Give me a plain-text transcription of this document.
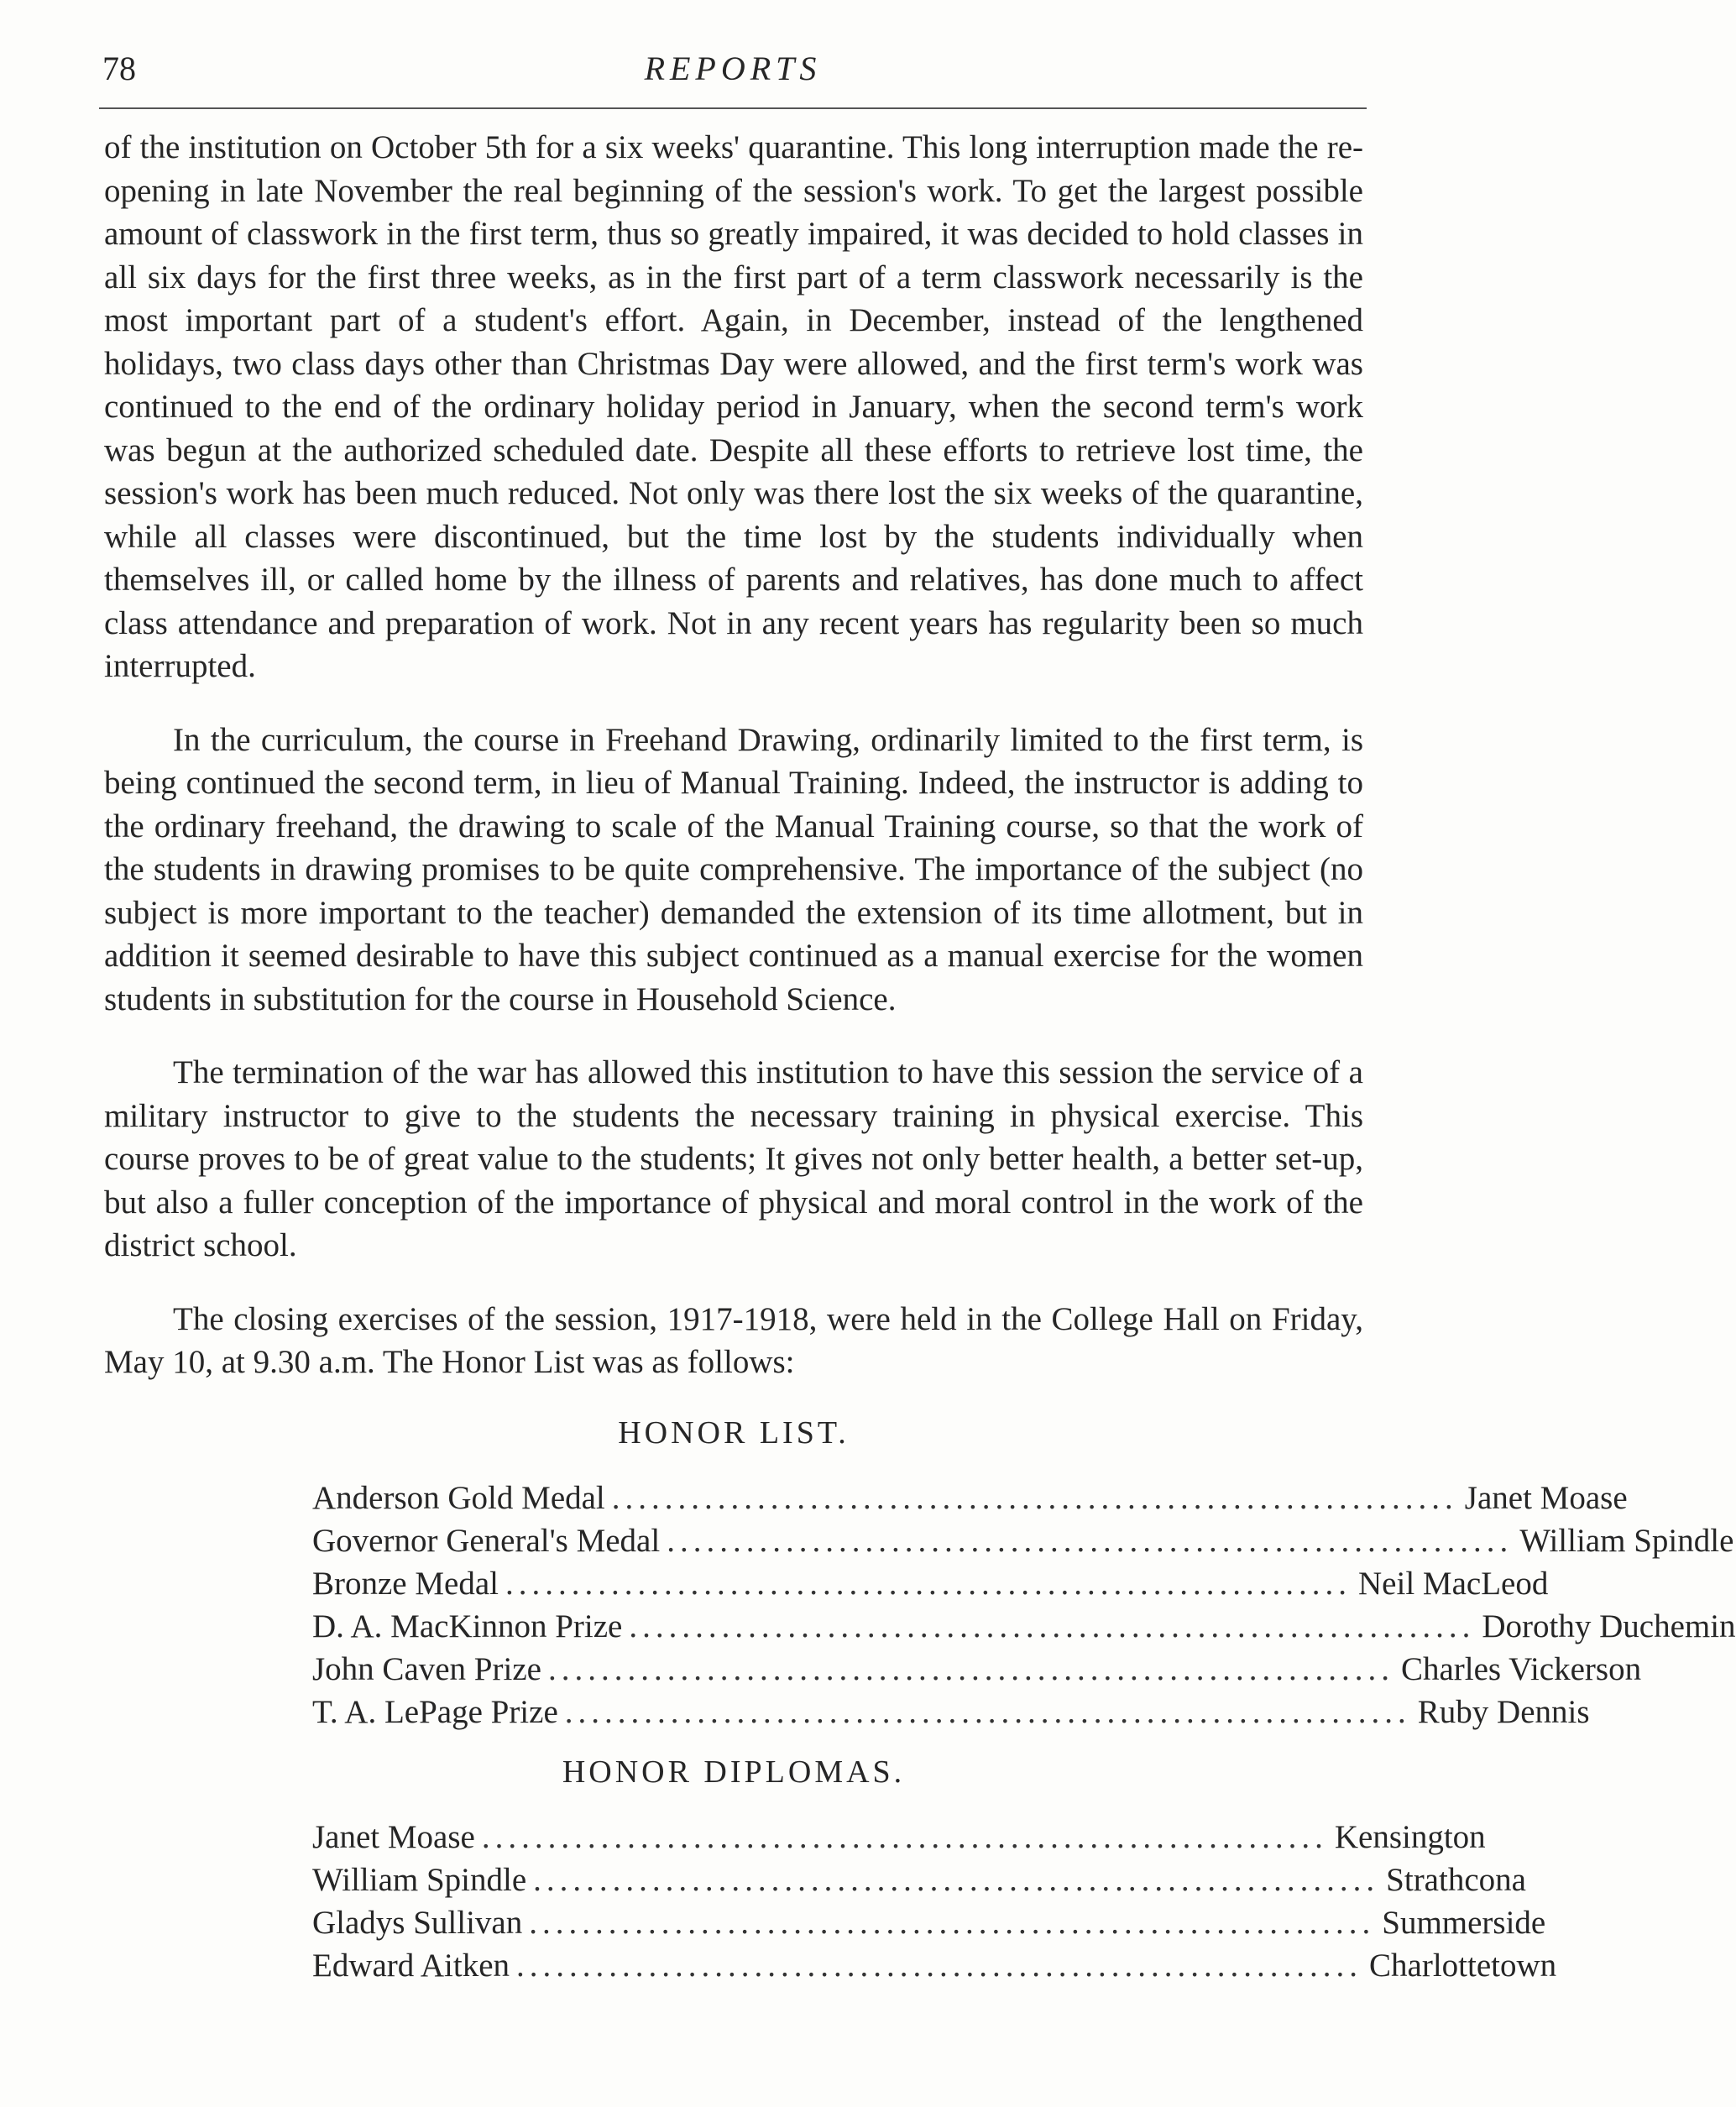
78	REPORTS

of the institution on October 5th for a six weeks' quarantine. This long interruption made the re-opening in late November the real beginning of the session's work. To get the largest possible amount of classwork in the first term, thus so greatly impaired, it was decided to hold classes in all six days for the first three weeks, as in the first part of a term classwork necessarily is the most important part of a student's effort. Again, in December, instead of the lengthened holidays, two class days other than Christmas Day were allowed, and the first term's work was continued to the end of the ordinary holiday period in January, when the second term's work was begun at the authorized scheduled date. Despite all these efforts to retrieve lost time, the session's work has been much reduced. Not only was there lost the six weeks of the quarantine, while all classes were discontinued, but the time lost by the students individually when themselves ill, or called home by the illness of parents and relatives, has done much to affect class attendance and preparation of work. Not in any recent years has regularity been so much interrupted.

In the curriculum, the course in Freehand Drawing, ordinarily limited to the first term, is being continued the second term, in lieu of Manual Training. Indeed, the instructor is adding to the ordinary freehand, the drawing to scale of the Manual Training course, so that the work of the students in drawing promises to be quite comprehensive. The importance of the subject (no subject is more important to the teacher) demanded the extension of its time allotment, but in addition it seemed desirable to have this subject continued as a manual exercise for the women students in substitution for the course in Household Science.

The termination of the war has allowed this institution to have this session the service of a military instructor to give to the students the necessary training in physical exercise. This course proves to be of great value to the students; It gives not only better health, a better set-up, but also a fuller conception of the importance of physical and moral control in the work of the district school.

The closing exercises of the session, 1917-1918, were held in the College Hall on Friday, May 10, at 9.30 a.m. The Honor List was as follows:

HONOR LIST.
Anderson Gold Medal ................................................................ Janet Moase
Governor General's Medal ................................................................ William Spindle
Bronze Medal ................................................................ Neil MacLeod
D. A. MacKinnon Prize ................................................................ Dorothy Duchemin
John Caven Prize ................................................................ Charles Vickerson
T. A. LePage Prize ................................................................ Ruby Dennis
HONOR DIPLOMAS.
Janet Moase ................................................................ Kensington
William Spindle ................................................................ Strathcona
Gladys Sullivan ................................................................ Summerside
Edward Aitken ................................................................ Charlottetown
